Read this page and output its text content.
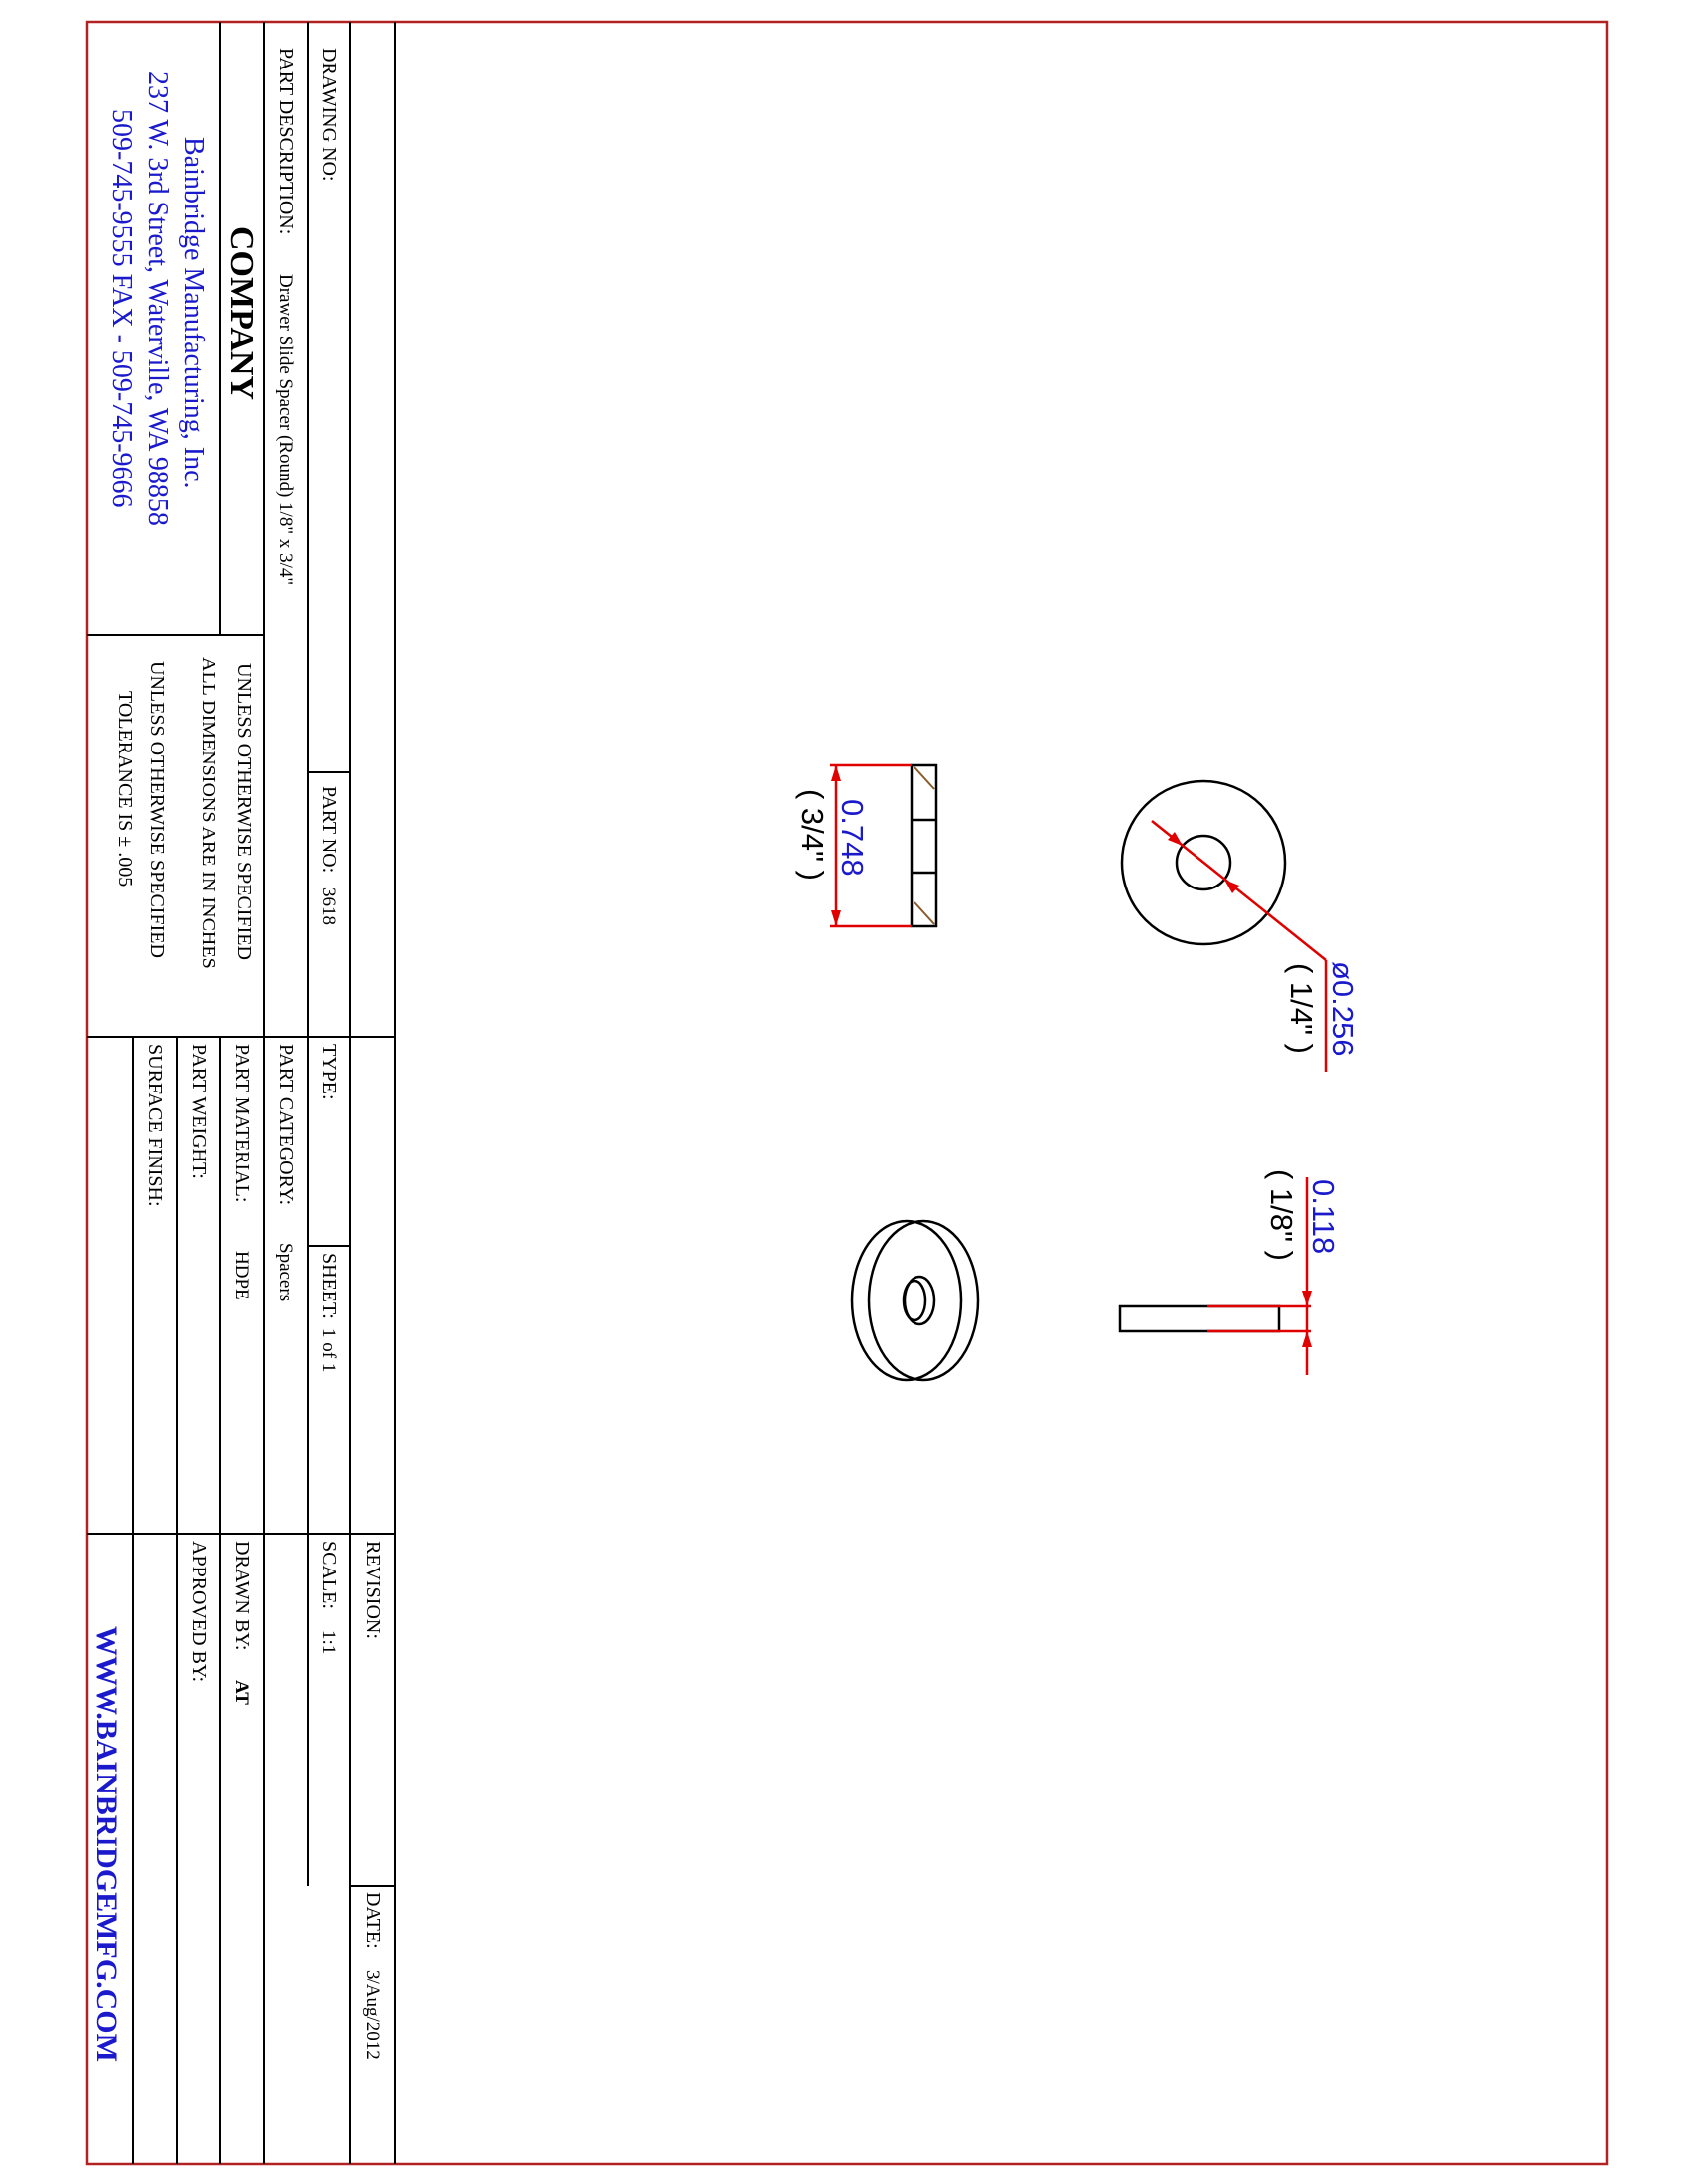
DRAWING NO:
PART DESCRIPTION:
Drawer Slide Spacer (Round) 1/8" x 3/4"
COMPANY
Bainbridge Manufacturing, Inc.
237 W. 3rd Street, Waterville, WA 98858
509-745-9555 FAX - 509-745-9666
PART NO:
3618
UNLESS OTHERWISE SPECIFIED
ALL DIMENSIONS ARE IN INCHES
UNLESS OTHERWISE SPECIFIED
TOLERANCE IS ± .005
TYPE:
SHEET:
1 of 1
PART CATEGORY:
Spacers
PART MATERIAL:
HDPE
PART WEIGHT:
SURFACE FINISH:
REVISION:
DATE:
3/Aug/2012
SCALE:
1:1
DRAWN BY:
AT
APPROVED BY:
WWW.BAINBRIDGEMFG.COM
ø0.256
( 1/4" )
0.118
( 1/8" )
0.748
( 3/4" )
